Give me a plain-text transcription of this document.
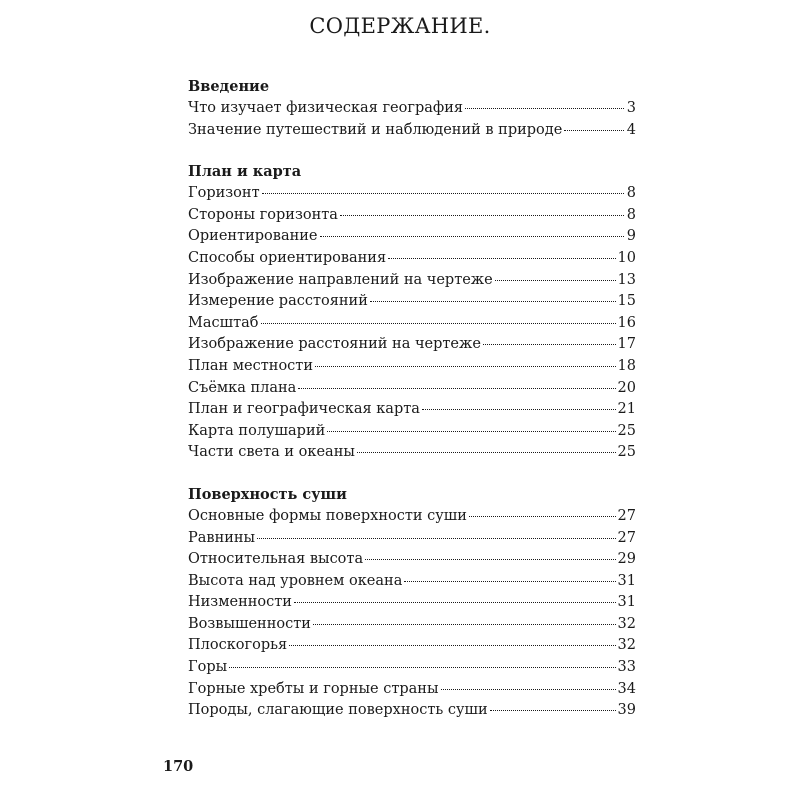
СОДЕРЖАНИЕ.
Введение
Что изучает физическая география	3
Значение путешествий и наблюдений в природе	4
План и карта
Горизонт	8
Стороны горизонта	8
Ориентирование	9
Способы ориентирования	10
Изображение направлений на чертеже	13
Измерение расстояний	15
Масштаб	16
Изображение расстояний на чертеже	17
План местности	18
Съёмка плана	20
План и географическая карта	21
Карта полушарий	25
Части света и океаны	25
Поверхность суши
Основные формы поверхности суши	27
Равнины	27
Относительная высота	29
Высота над уровнем океана	31
Низменности	31
Возвышенности	32
Плоскогорья	32
Горы	33
Горные хребты и горные страны	34
Породы, слагающие поверхность суши	39
170
